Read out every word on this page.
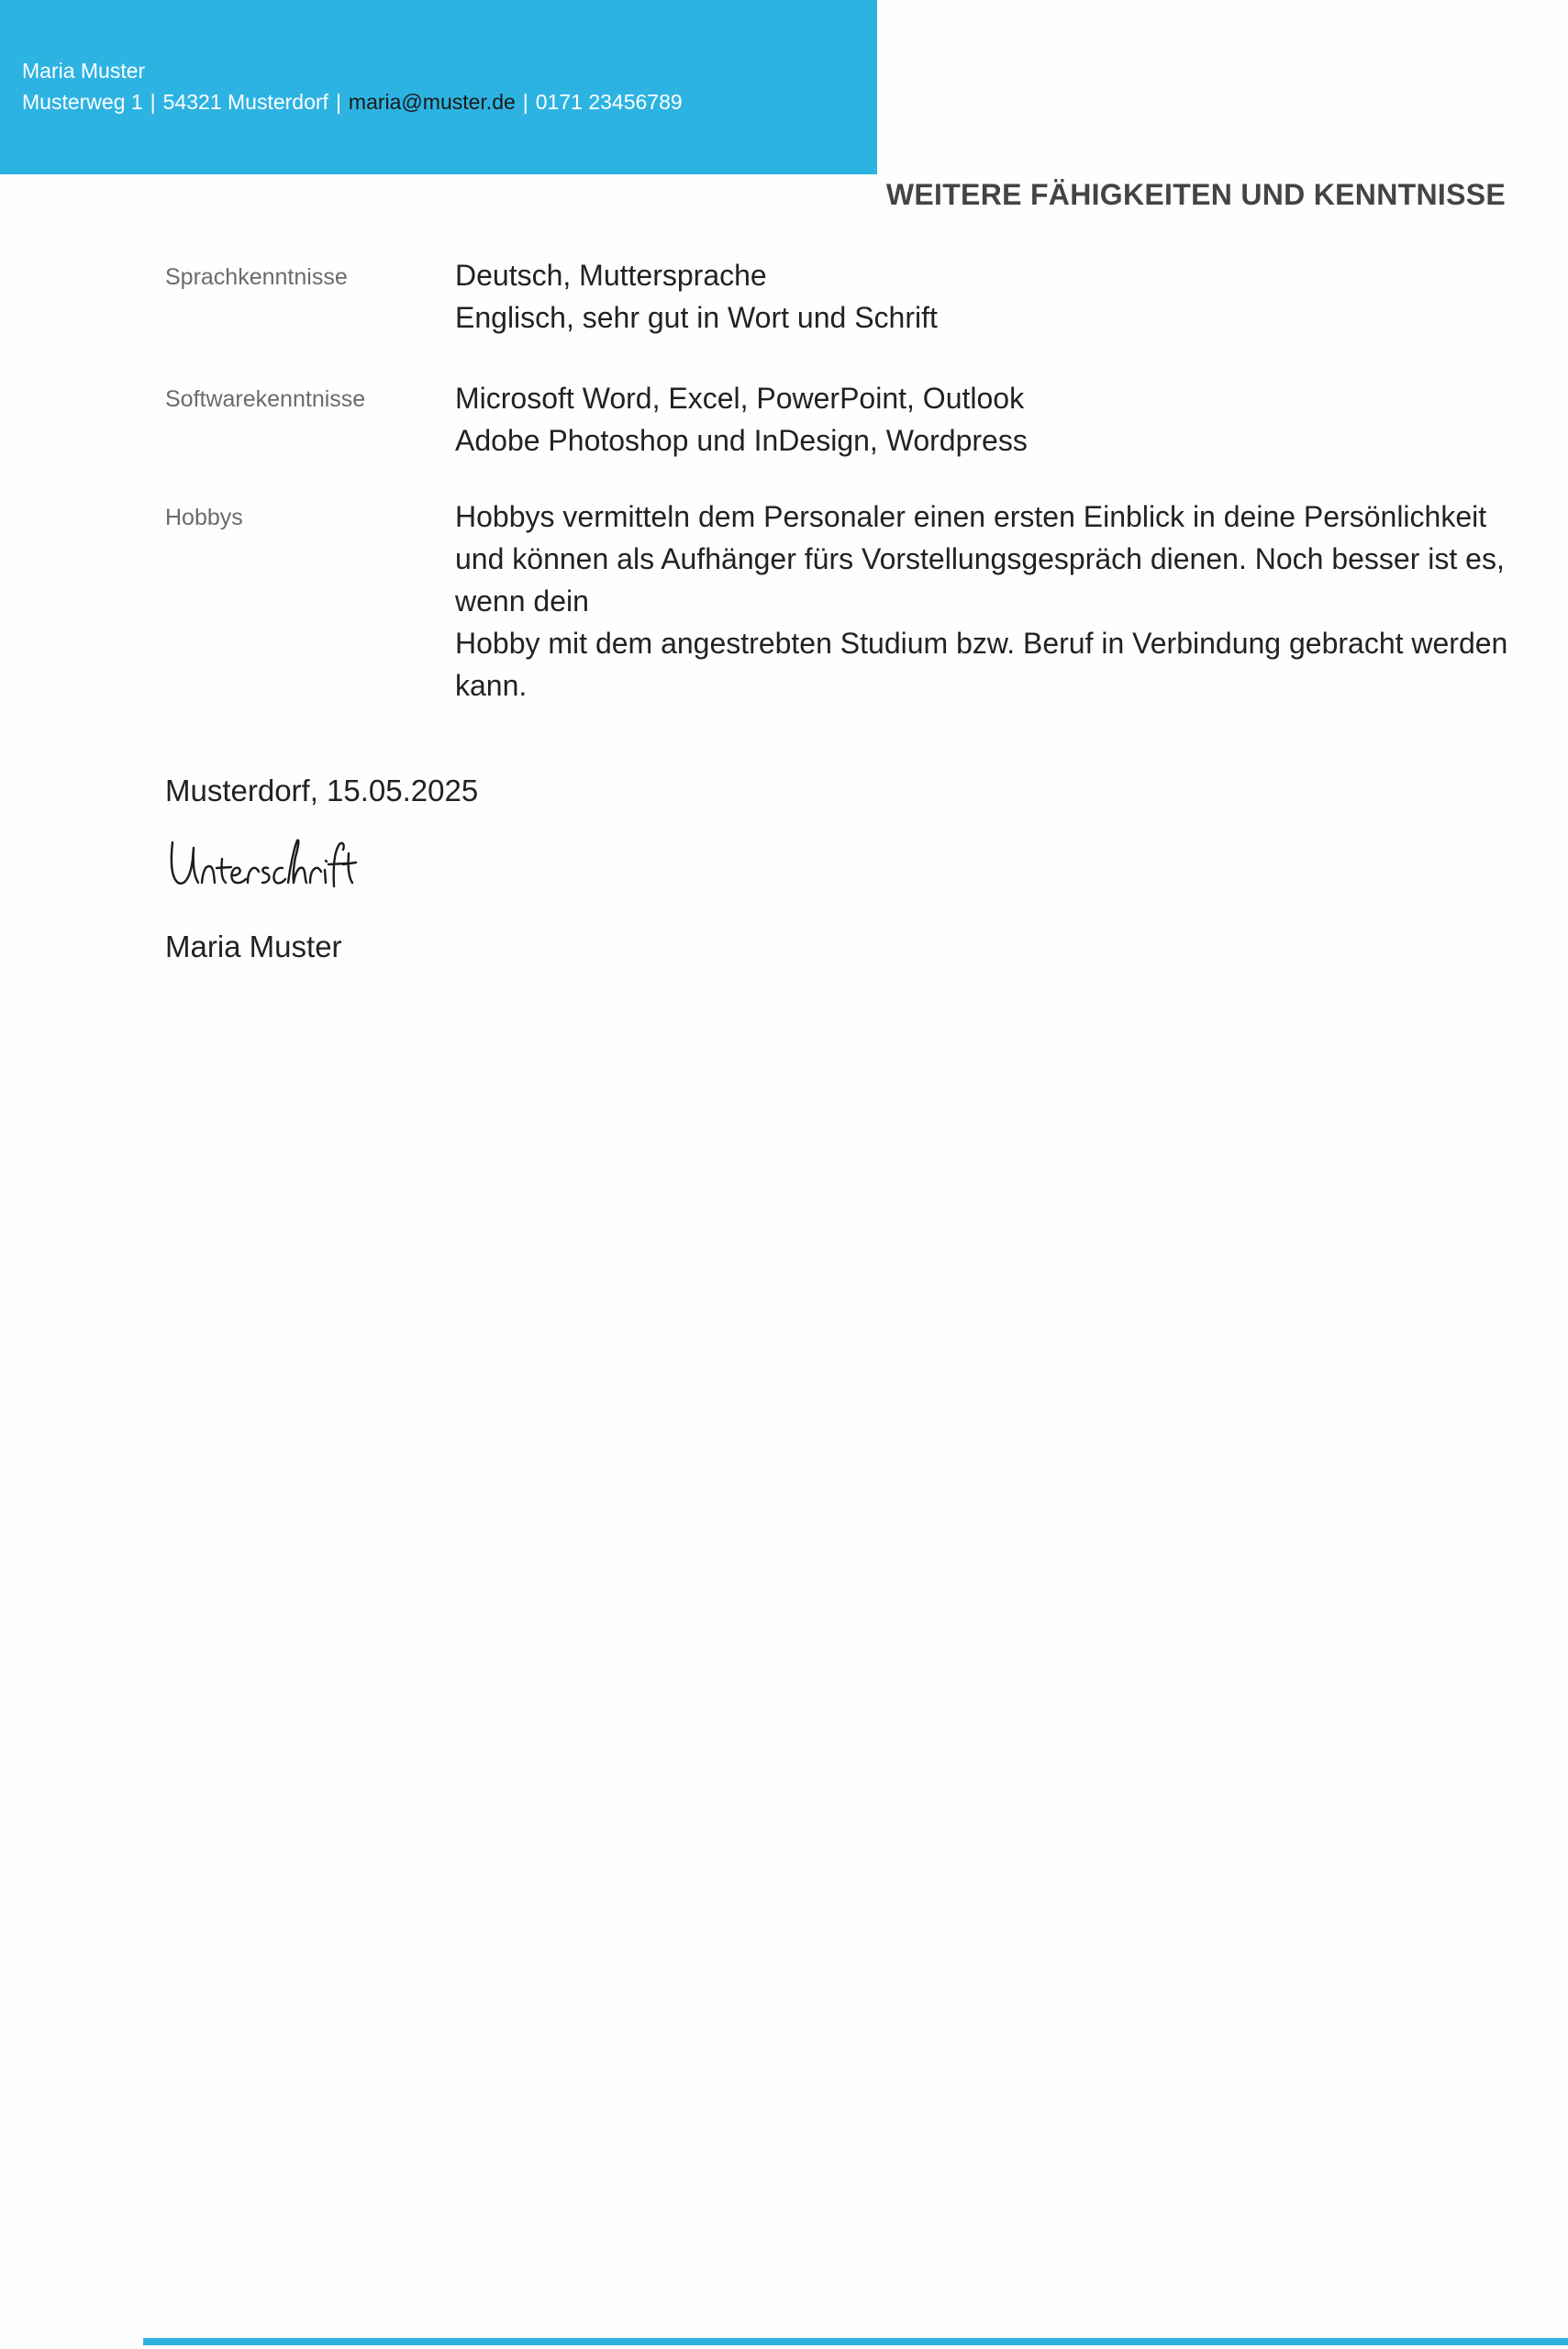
Maria Muster
Musterweg 1 | 54321 Musterdorf | maria@muster.de | 0171 23456789
WEITERE FÄHIGKEITEN UND KENNTNISSE
Sprachkenntnisse	Deutsch, Muttersprache
Englisch, sehr gut in Wort und Schrift
Softwarekenntnisse	Microsoft Word, Excel, PowerPoint, Outlook
Adobe Photoshop und InDesign, Wordpress
Hobbys	Hobbys vermitteln dem Personaler einen ersten Einblick in deine Persönlichkeit und können als Aufhänger fürs Vorstellungsgespräch dienen. Noch besser ist es, wenn dein
Hobby mit dem angestrebten Studium bzw. Beruf in Verbindung gebracht werden kann.
Musterdorf, 15.05.2025
Maria Muster
